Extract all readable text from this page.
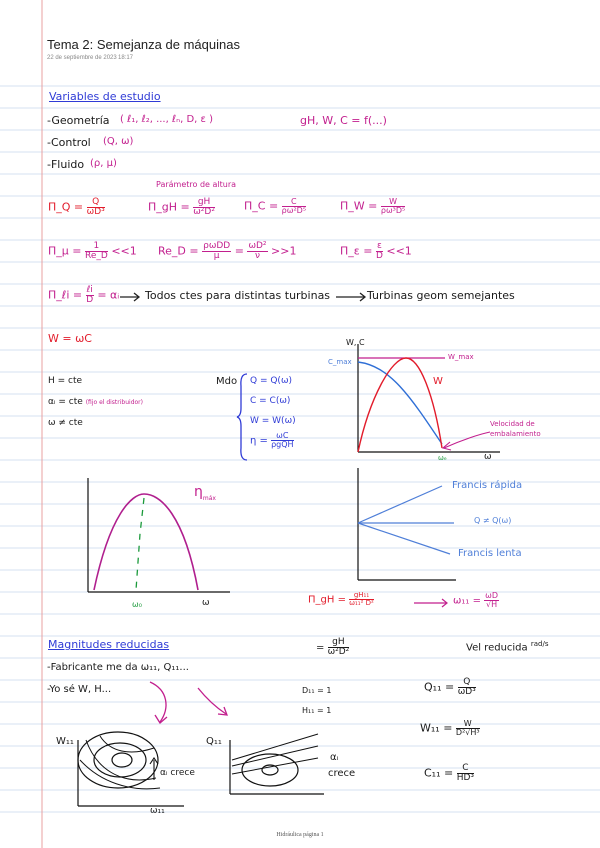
Tema 2: Semejanza de máquinas
22 de septiembre de 2023 18:17
Variables de estudio
-Geometría ( ℓ₁, ℓ₂, ..., ℓₙ, D, ε )	gH, W, C = f(...)
-Control (Q, ω)
-Fluido (ρ, μ)
Parámetro de altura
Π_Q = $\frac{Q}{\text{ωD³}}$	Π_gH = $\frac{gH}{\text{ω²D²}}$	Π_C = $\frac{C}{\text{ρω²D⁵}}$	Π_W = $\frac{W}{\text{ρω³D⁵}}$
Π_μ = $\frac{1}{Re\_D} <<1$ Re_D = $\frac{\text{ρωDD}}{\mu} = \frac{\text{ωD²}}{\nu} >>1$	Π_ε = $\frac{\varepsilon}{D} <<1$
Π_ℓi = $\frac{\text{ℓi}}{D}$ = αᵢ Todos ctes para distintas turbinas	Turbinas geom semejantes
W = ωC
H = cte
αᵢ = cte (fijo el distribuidor)
ω ≠ cte
Mdo Q = Q(ω)
C = C(ω)
W = W(ω)
$\eta = \frac{\omega C}{\text{ρgQH}}$
W, C
C_max
W_max
W
ωₑ	ω
Velocidad de
embalamiento
$\eta_{máx}$
ω₀	ω
Francis rápida
Q ≠ Q(ω)
Francis lenta
Π_gH = $\frac{\text{gH₁₁}}{\text{ω₁₁² D²}}$	$\omega_{11} = \frac{\omega D}{√H}$
Magnitudes reducidas	= $\frac{gH}{\text{ω²D²}}$	Vel reducida $^{rad/s}$
-Fabricante me da ω₁₁, Q₁₁...
-Yo sé W, H...	D₁₁ = 1
H₁₁ = 1
$Q_{11} = \frac{Q}{\text{ωD³}}$
$W_{11} = \frac{W}{\text{D²√H³}}$
$C_{11} = \frac{C}{\text{HD³}}$
W₁₁
ω₁₁
αᵢ crece
Q₁₁
αᵢ
crece
Hidráulica página 1
